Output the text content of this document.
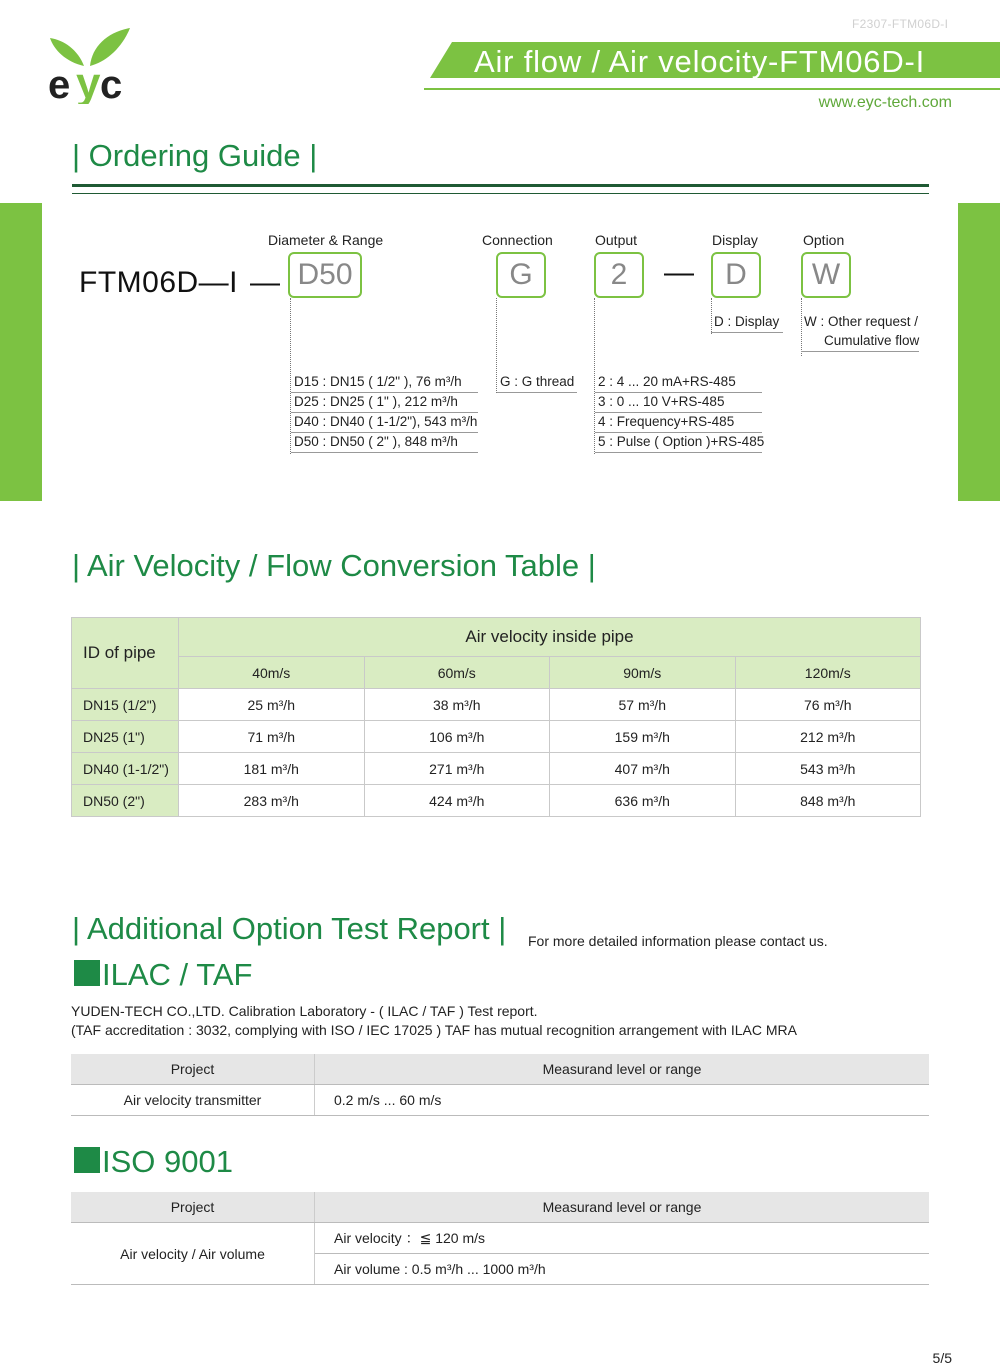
F2307-FTM06D-I
e y c
Air flow / Air velocity-FTM06D-I
www.eyc-tech.com
| Ordering Guide |
FTM06D—I —	—
Diameter & Range	Connection	Output	Display	Option
D50	G	2	D	W
D15 : DN15 ( 1/2" ), 76 m³/h
D25 : DN25 ( 1" ), 212 m³/h
D40 : DN40 ( 1-1/2"), 543 m³/h
D50 : DN50 ( 2" ), 848 m³/h
G : G thread 2 : 4 ... 20 mA+RS-485
3 : 0 ... 10 V+RS-485
4 : Frequency+RS-485
5 : Pulse ( Option )+RS-485
D : Display W : Other request /
Cumulative flow
| Air Velocity / Flow Conversion Table |
ID of pipe	Air velocity inside pipe			
	40m/s	60m/s	90m/s	120m/s
DN15 (1/2")	25 m³/h	38 m³/h	57 m³/h	76 m³/h
DN25 (1")	71 m³/h	106 m³/h	159 m³/h	212 m³/h
DN40 (1-1/2")	181 m³/h	271 m³/h	407 m³/h	543 m³/h
DN50 (2")	283 m³/h	424 m³/h	636 m³/h	848 m³/h
| Additional Option Test Report | For more detailed information please contact us.
ILAC / TAF
YUDEN-TECH CO.,LTD. Calibration Laboratory - ( ILAC / TAF ) Test report.
(TAF accreditation : 3032, complying with ISO / IEC 17025 ) TAF has mutual recognition arrangement with ILAC MRA
Project	Measurand level or range
Air velocity transmitter	0.2 m/s ... 60 m/s
ISO 9001
Project	Measurand level or range
Air velocity / Air volume	Air velocity ：≦ 120 m/s
	Air volume : 0.5 m³/h ... 1000 m³/h
5/5
